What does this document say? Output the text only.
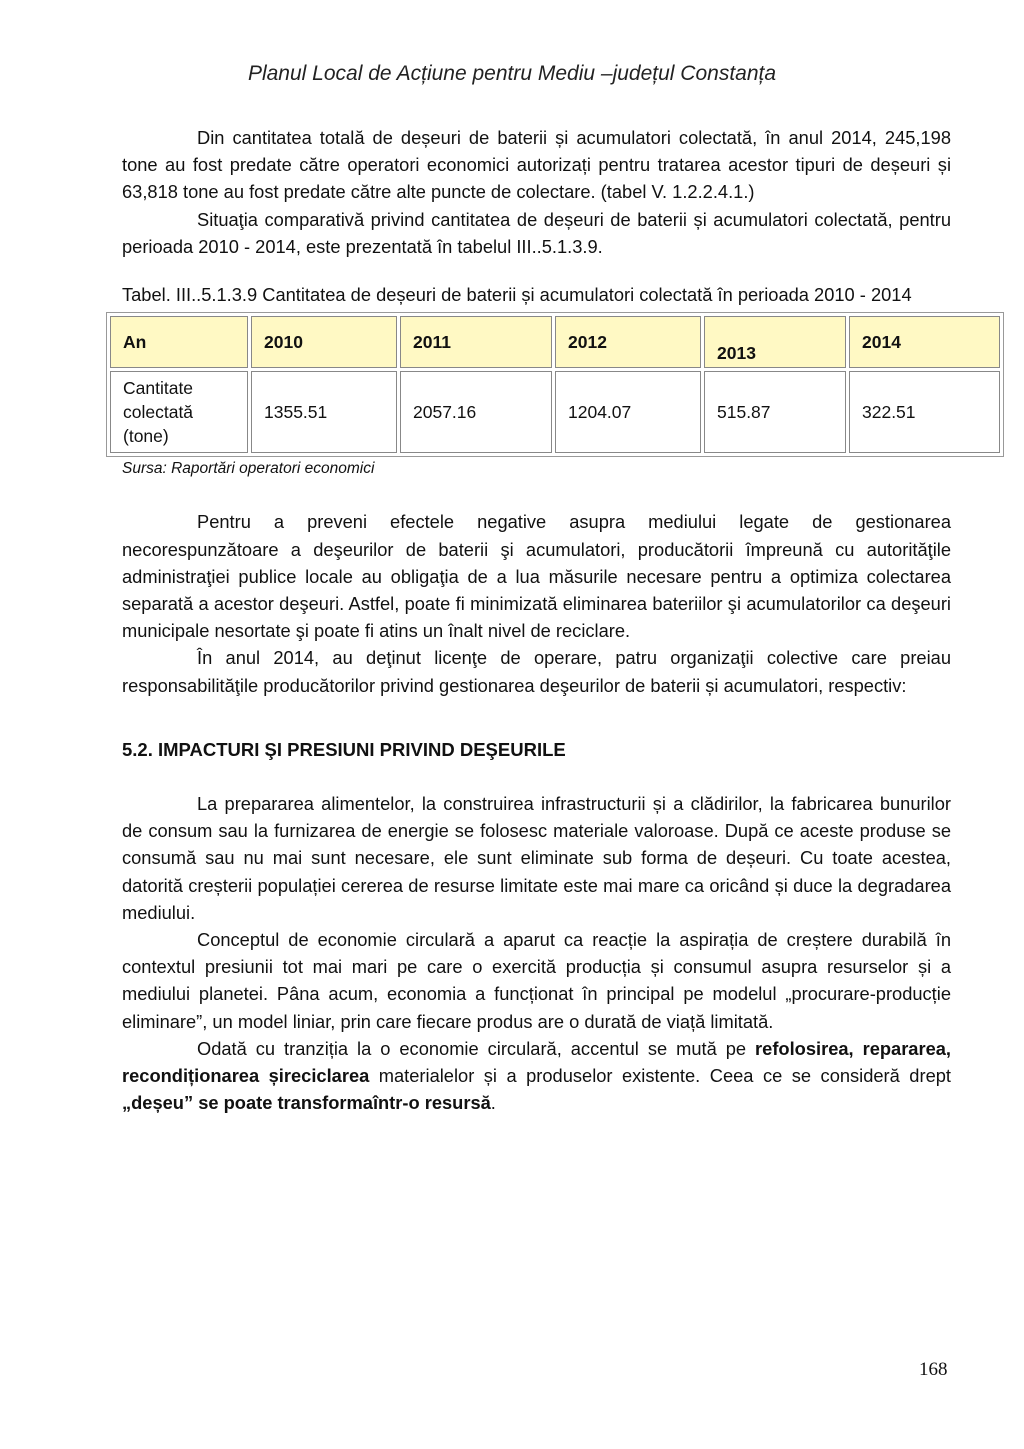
Planul Local de Acțiune pentru Mediu –județul Constanța

Din cantitatea totală de deșeuri de baterii și acumulatori colectată, în anul 2014, 245,198 tone au fost predate către operatori economici autorizați pentru tratarea acestor tipuri de deșeuri și 63,818 tone au fost predate către alte puncte de colectare. (tabel V. 1.2.2.4.1.)

Situaţia comparativă privind cantitatea de deșeuri de baterii și acumulatori colectată, pentru perioada 2010 - 2014, este prezentată în tabelul III..5.1.3.9.

Tabel. III..5.1.3.9 Cantitatea de deșeuri de baterii și acumulatori colectată în perioada 2010 - 2014

An	2010	2011	2012	2013	2014
Cantitate colectată (tone)	1355.51	2057.16	1204.07	515.87	322.51
Sursa: Raportări operatori economici

Pentru a preveni efectele negative asupra mediului legate de gestionarea necorespunzătoare a deşeurilor de baterii şi acumulatori, producătorii împreună cu autorităţile administraţiei publice locale au obligaţia de a lua măsurile necesare pentru a optimiza colectarea separată a acestor deşeuri. Astfel, poate fi minimizată eliminarea bateriilor şi acumulatorilor ca deşeuri municipale nesortate şi poate fi atins un înalt nivel de reciclare.

În anul 2014, au deţinut licenţe de operare, patru organizaţii colective care preiau responsabilităţile producătorilor privind gestionarea deşeurilor de baterii și acumulatori, respectiv:

5.2. IMPACTURI ŞI PRESIUNI PRIVIND DEŞEURILE

La prepararea alimentelor, la construirea infrastructurii și a clădirilor, la fabricarea bunurilor de consum sau la furnizarea de energie se folosesc materiale valoroase. După ce aceste produse se consumă sau nu mai sunt necesare, ele sunt eliminate sub forma de deșeuri. Cu toate acestea, datorită creșterii populației cererea de resurse limitate este mai mare ca oricând și duce la degradarea mediului.

Conceptul de economie circulară a aparut ca reacție la aspirația de creștere durabilă în contextul presiunii tot mai mari pe care o exercită producția și consumul asupra resurselor și a mediului planetei. Pâna acum, economia a funcționat în principal pe modelul „procurare-producție eliminare”, un model liniar, prin care fiecare produs are o durată de viață limitată.

Odată cu tranziția la o economie circulară, accentul se mută pe refolosirea, repararea, recondiționarea șireciclarea materialelor și a produselor existente. Ceea ce se consideră drept „deșeu” se poate transformaîntr-o resursă.

168
